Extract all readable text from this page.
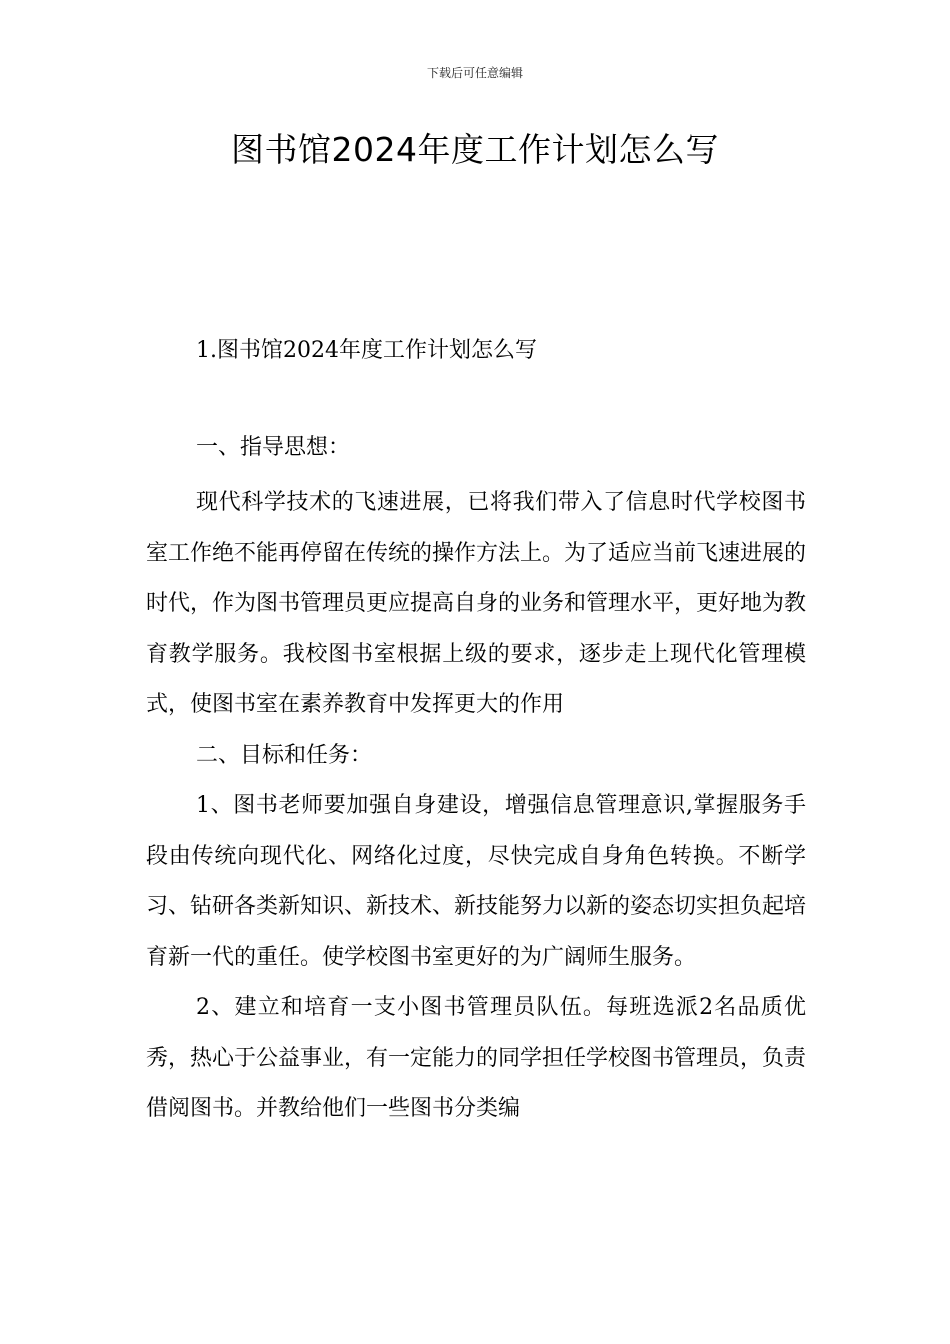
下载后可任意编辑
图书馆2024年度工作计划怎么写
1.图书馆2024年度工作计划怎么写
一、指导思想：

现代科学技术的飞速进展，已将我们带入了信息时代学校图书室工作绝不能再停留在传统的操作方法上。为了适应当前飞速进展的时代，作为图书管理员更应提高自身的业务和管理水平，更好地为教育教学服务。我校图书室根据上级的要求，逐步走上现代化管理模式，使图书室在素养教育中发挥更大的作用

二、目标和任务：

1、图书老师要加强自身建设，增强信息管理意识,掌握服务手段由传统向现代化、网络化过度，尽快完成自身角色转换。不断学习、钻研各类新知识、新技术、新技能努力以新的姿态切实担负起培育新一代的重任。使学校图书室更好的为广阔师生服务。

2、建立和培育一支小图书管理员队伍。每班选派2名品质优秀，热心于公益事业，有一定能力的同学担任学校图书管理员，负责借阅图书。并教给他们一些图书分类编
